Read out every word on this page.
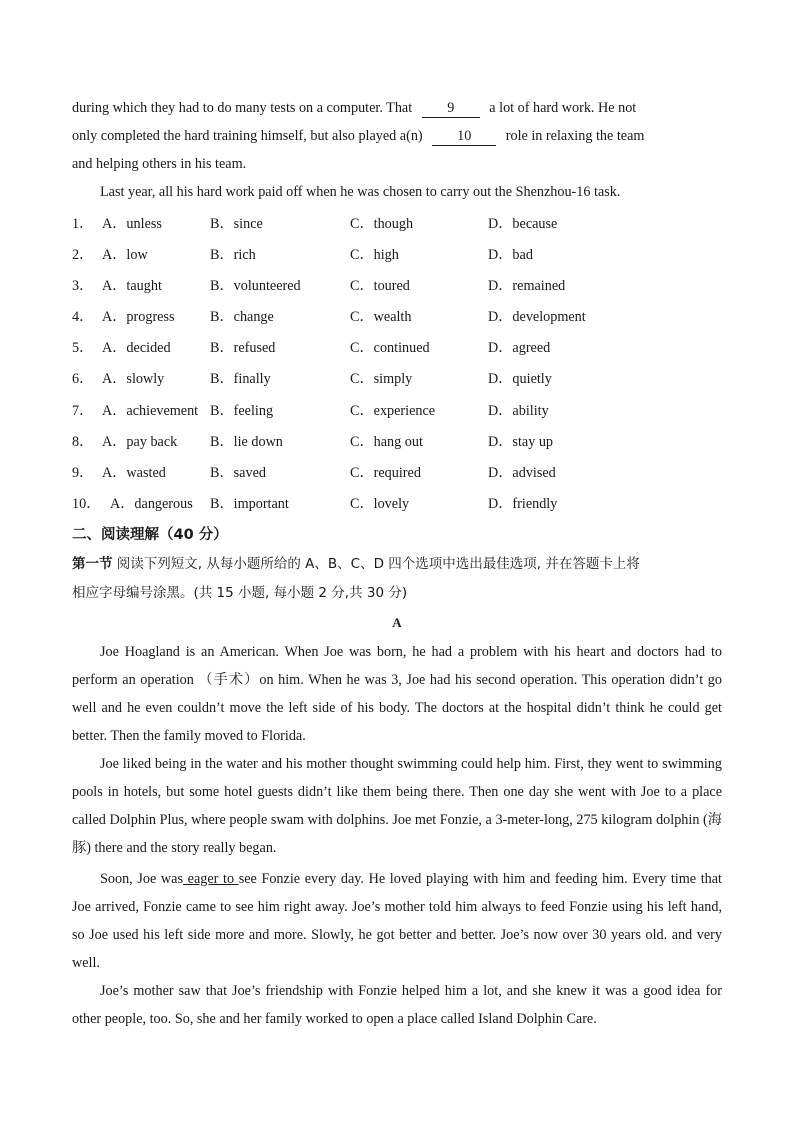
during which they had to do many tests on a computer. That 9 a lot of hard work. He not

only completed the hard training himself, but also played a(n) 10 role in relaxing the team

and helping others in his team.

Last year, all his hard work paid off when he was chosen to carry out the Shenzhou-16 task.

1． A．unless	B．since	C．though	D．because
2． A．low	B．rich	C．high	D．bad
3． A．taught	B．volunteered	C．toured	D．remained
4． A．progress B．change	C．wealth	D．development
5． A．decided	B．refused	C．continued	D．agreed
6． A．slowly	B．finally	C．simply	D．quietly
7． A．achievement B．feeling	C．experience	D．ability
8． A．pay back B．lie down	C．hang out	D．stay up
9． A．wasted	B．saved	C．required	D．advised
10． A．dangerous B．important	C．lovely	D．friendly
二、阅读理解（40 分）

第一节 阅读下列短文, 从每小题所给的 A、B、C、D 四个选项中选出最佳选项, 并在答题卡上将

相应字母编号涂黑。(共 15 小题, 每小题 2 分,共 30 分)

A

Joe Hoagland is an American. When Joe was born, he had a problem with his heart and doctors had to perform an operation （手术）on him. When he was 3, Joe had his second operation. This operation didn’t go well and he even couldn’t move the left side of his body. The doctors at the hospital didn’t think he could get better. Then the family moved to Florida.

Joe liked being in the water and his mother thought swimming could help him. First, they went to swimming pools in hotels, but some hotel guests didn’t like them being there. Then one day she went with Joe to a place called Dolphin Plus, where people swam with dolphins. Joe met Fonzie, a 3-meter-long, 275 kilogram dolphin (海豚) there and the story really began.

Soon, Joe was eager to see Fonzie every day. He loved playing with him and feeding him. Every time that Joe arrived, Fonzie came to see him right away. Joe’s mother told him always to feed Fonzie using his left hand, so Joe used his left side more and more. Slowly, he got better and better. Joe’s now over 30 years old. and very well.

Joe’s mother saw that Joe’s friendship with Fonzie helped him a lot, and she knew it was a good idea for other people, too. So, she and her family worked to open a place called Island Dolphin Care.
